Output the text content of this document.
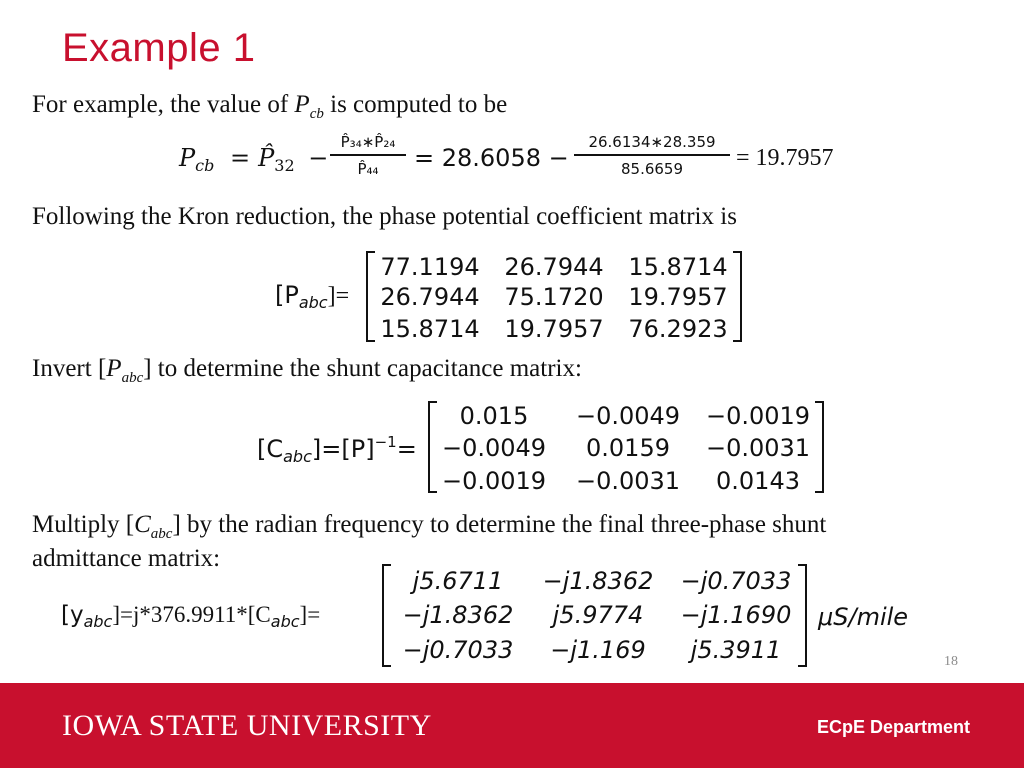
Example 1
For example, the value of $P_{cb}$ is computed to be
$P_{cb}$ = $P̂_{32}$ −
P̂₃₄∗P̂₂₄
P̂₄₄	= 28.6058 −
26.6134∗28.359
85.6659	= 19.7957
Following the Kron reduction, the phase potential coefficient matrix is
$[P_{abc}]=$
77.1194 26.7944 15.8714
26.7944 75.1720 19.7957
15.8714 19.7957 76.2923
Invert $[P_{abc}]$ to determine the shunt capacitance matrix:
$[C_{abc}]=[P]^{-1}=$
0.015	−0.0049	−0.0019
−0.0049	0.0159	−0.0031
−0.0019	−0.0031	0.0143
Multiply $[C_{abc}]$ by the radian frequency to determine the final three-phase shunt
admittance matrix:
$[y_{abc}]=j*376.9911*[C_{abc}]=$
j5.6711	−j1.8362	−j0.7033
−j1.8362	j5.9774	−j1.1690
−j0.7033	−j1.169	j5.3911
μS/mile
18
IOWA STATE UNIVERSITY	ECpE Department
